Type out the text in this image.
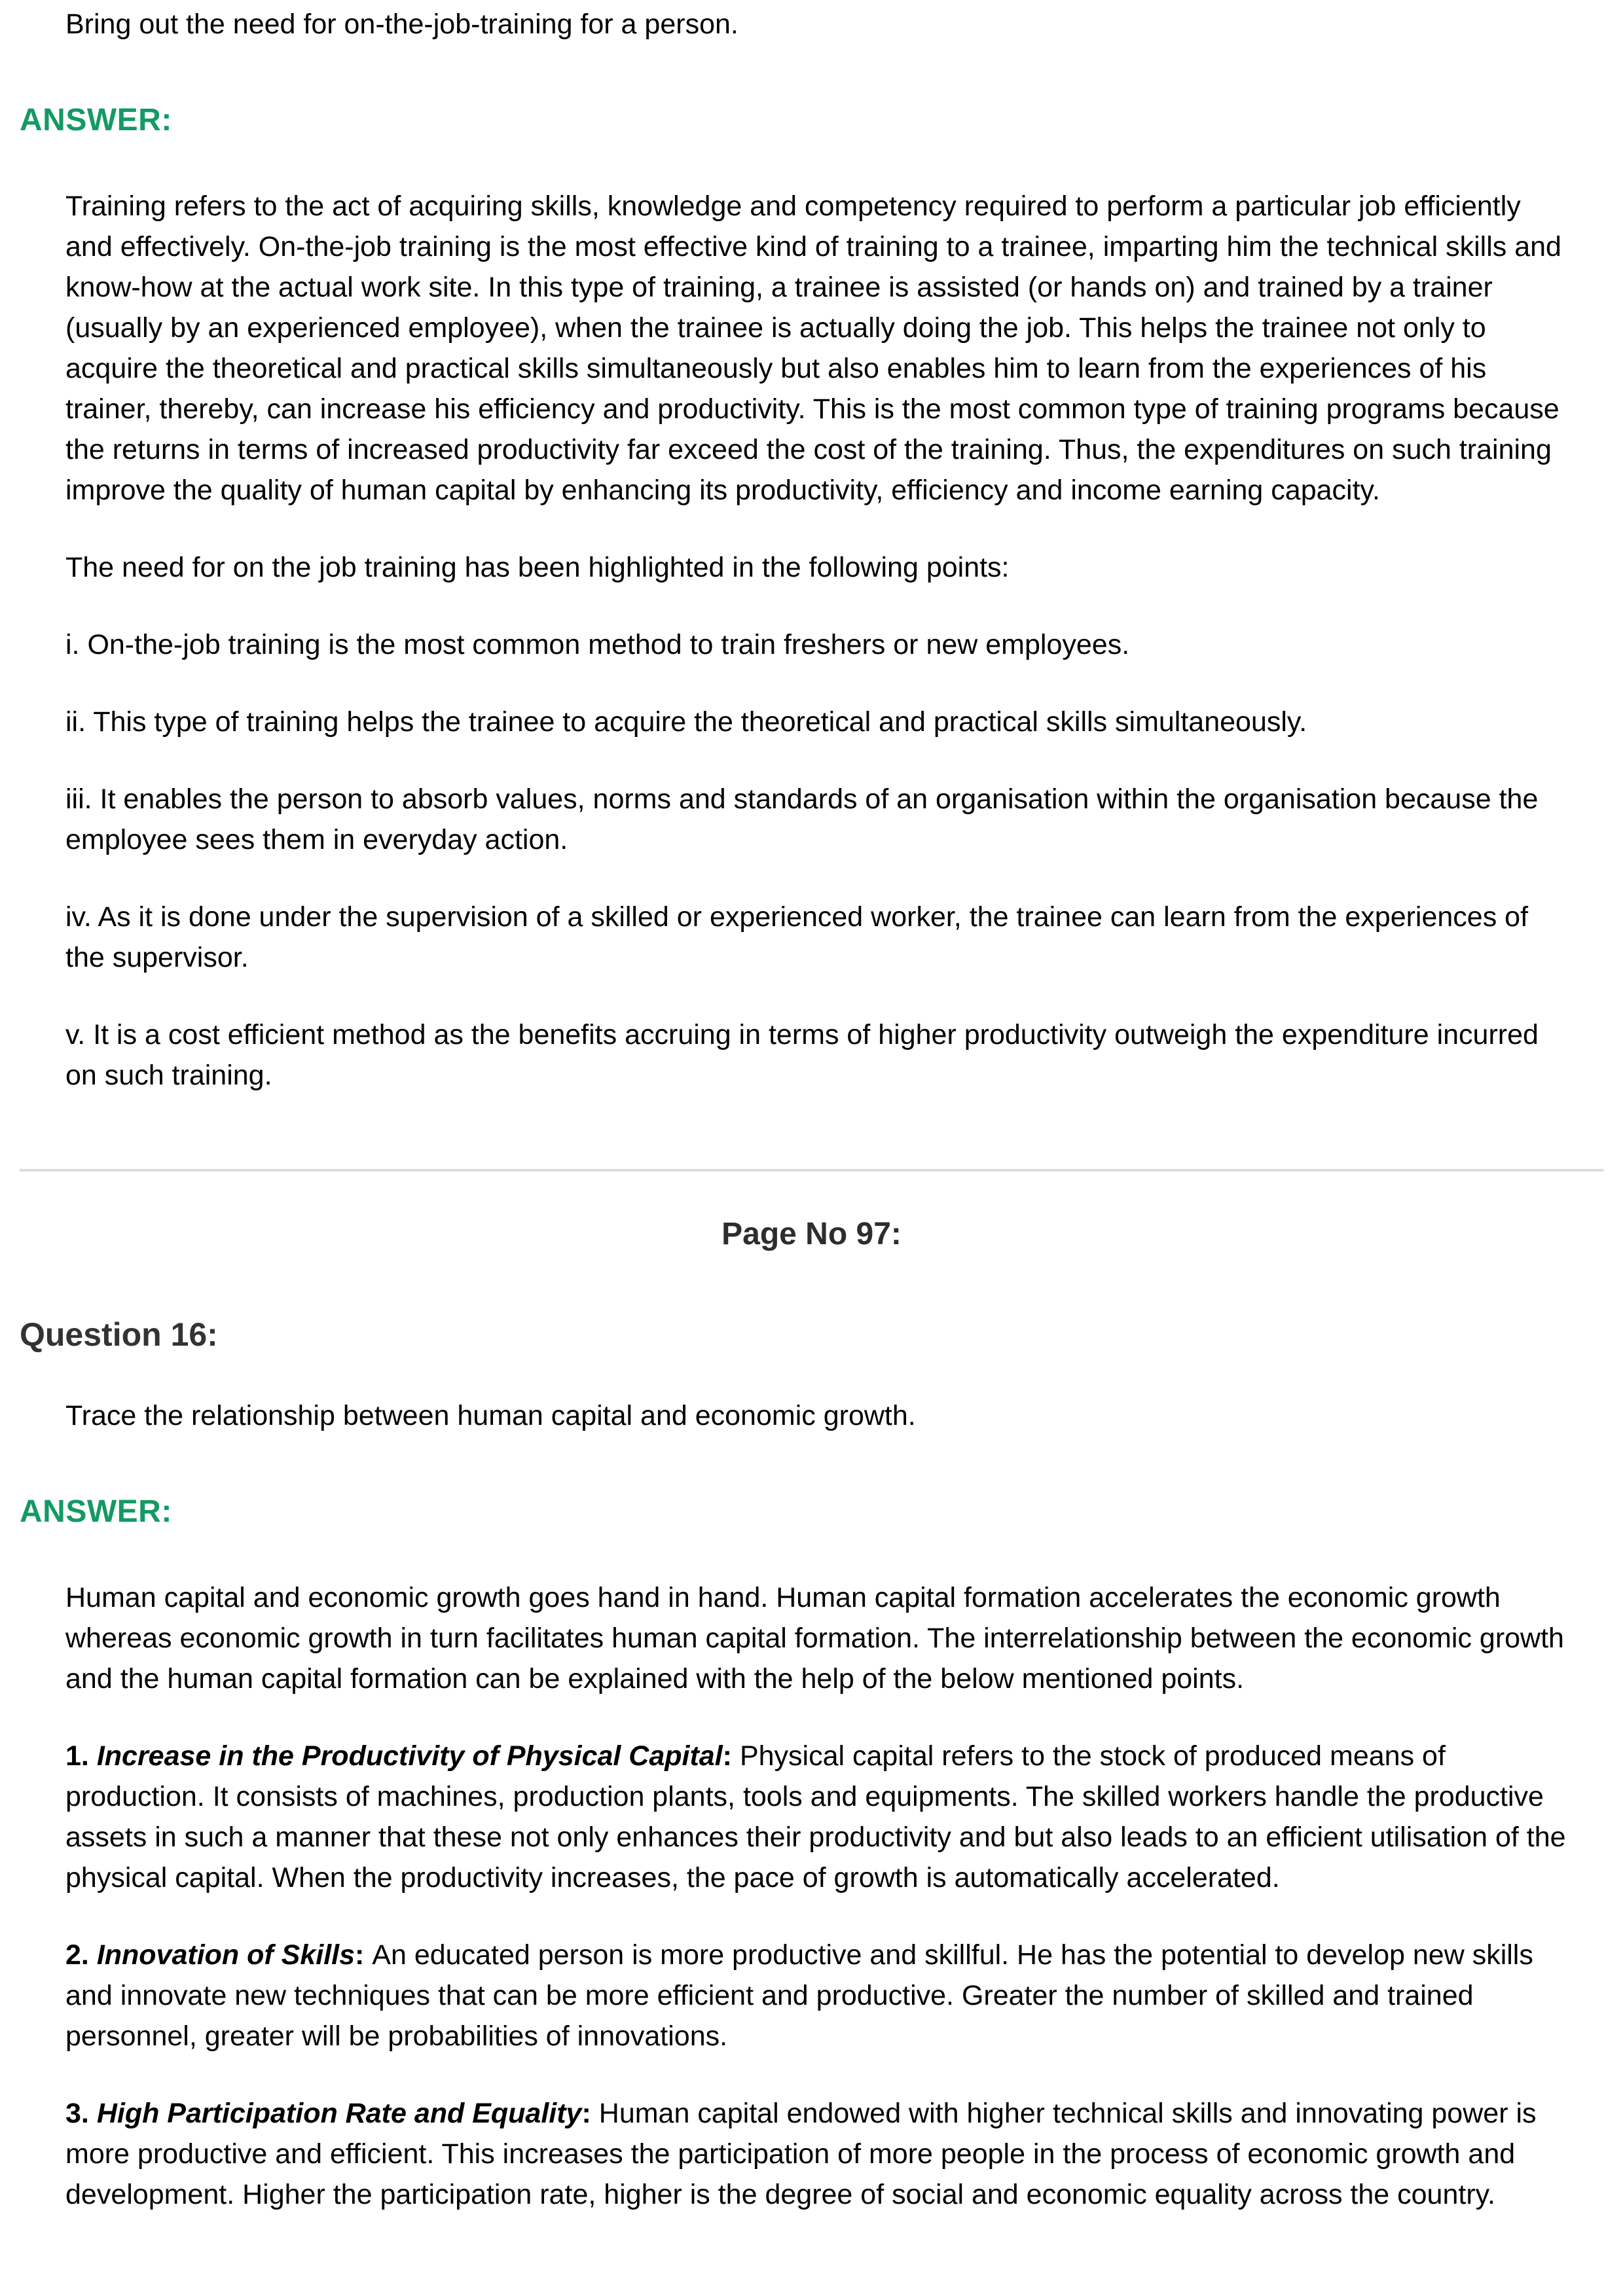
Bring out the need for on-the-job-training for a person.

ANSWER:

Training refers to the act of acquiring skills, knowledge and competency required to perform a particular job efficiently and effectively. On-the-job training is the most effective kind of training to a trainee, imparting him the technical skills and know-how at the actual work site. In this type of training, a trainee is assisted (or hands on) and trained by a trainer (usually by an experienced employee), when the trainee is actually doing the job. This helps the trainee not only to acquire the theoretical and practical skills simultaneously but also enables him to learn from the experiences of his trainer, thereby, can increase his efficiency and productivity. This is the most common type of training programs because the returns in terms of increased productivity far exceed the cost of the training. Thus, the expenditures on such training improve the quality of human capital by enhancing its productivity, efficiency and income earning capacity.

The need for on the job training has been highlighted in the following points:

i. On-the-job training is the most common method to train freshers or new employees.

ii. This type of training helps the trainee to acquire the theoretical and practical skills simultaneously.

iii. It enables the person to absorb values, norms and standards of an organisation within the organisation because the employee sees them in everyday action.

iv. As it is done under the supervision of a skilled or experienced worker, the trainee can learn from the experiences of the supervisor.

v. It is a cost efficient method as the benefits accruing in terms of higher productivity outweigh the expenditure incurred on such training.

Page No 97:
Question 16:

Trace the relationship between human capital and economic growth.

ANSWER:

Human capital and economic growth goes hand in hand. Human capital formation accelerates the economic growth whereas economic growth in turn facilitates human capital formation. The interrelationship between the economic growth and the human capital formation can be explained with the help of the below mentioned points.

1. Increase in the Productivity of Physical Capital: Physical capital refers to the stock of produced means of production. It consists of machines, production plants, tools and equipments. The skilled workers handle the productive assets in such a manner that these not only enhances their productivity and but also leads to an efficient utilisation of the physical capital. When the productivity increases, the pace of growth is automatically accelerated.

2. Innovation of Skills: An educated person is more productive and skillful. He has the potential to develop new skills and innovate new techniques that can be more efficient and productive. Greater the number of skilled and trained personnel, greater will be probabilities of innovations.

3. High Participation Rate and Equality: Human capital endowed with higher technical skills and innovating power is more productive and efficient. This increases the participation of more people in the process of economic growth and development. Higher the participation rate, higher is the degree of social and economic equality across the country.
